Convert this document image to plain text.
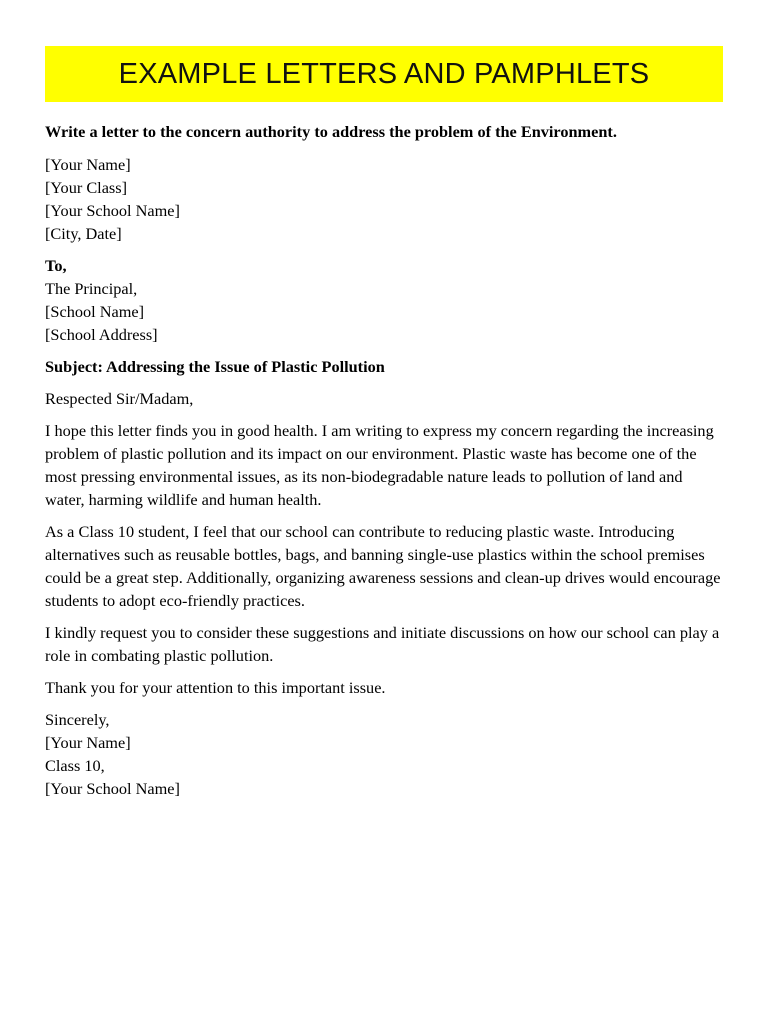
EXAMPLE LETTERS AND PAMPHLETS

Write a letter to the concern authority to address the problem of the Environment.

[Your Name]
[Your Class]
[Your School Name]
[City, Date]

To,
The Principal,
[School Name]
[School Address]

Subject: Addressing the Issue of Plastic Pollution

Respected Sir/Madam,

I hope this letter finds you in good health. I am writing to express my concern regarding the increasing problem of plastic pollution and its impact on our environment. Plastic waste has become one of the most pressing environmental issues, as its non-biodegradable nature leads to pollution of land and water, harming wildlife and human health.

As a Class 10 student, I feel that our school can contribute to reducing plastic waste. Introducing alternatives such as reusable bottles, bags, and banning single-use plastics within the school premises could be a great step. Additionally, organizing awareness sessions and clean-up drives would encourage students to adopt eco-friendly practices.

I kindly request you to consider these suggestions and initiate discussions on how our school can play a role in combating plastic pollution.

Thank you for your attention to this important issue.

Sincerely,
[Your Name]
Class 10,
[Your School Name]
